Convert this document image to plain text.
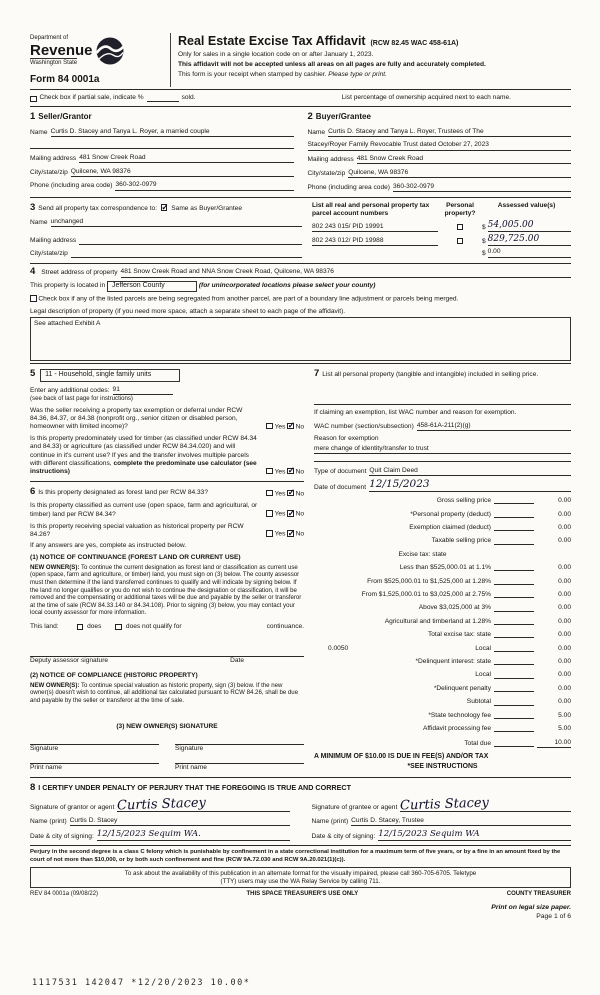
Department of
Revenue
Washington State
Form 84 0001a
Real Estate Excise Tax Affidavit (RCW 82.45 WAC 458-61A)
Only for sales in a single location code on or after January 1, 2023.
This affidavit will not be accepted unless all areas on all pages are fully and accurately completed.
This form is your receipt when stamped by cashier. Please type or print.
Check box if partial sale, indicate %	sold.	List percentage of ownership acquired next to each name.
1 Seller/Grantor
Name Curtis D. Stacey and Tanya L. Royer, a married couple
Mailing address 481 Snow Creek Road
City/state/zip Quilcene, WA 98376
Phone (including area code) 360-302-0979
2 Buyer/Grantee
Name Curtis D. Stacey and Tanya L. Royer, Trustees of The
Stacey/Royer Family Revocable Trust dated October 27, 2023
Mailing address 481 Snow Creek Road
City/state/zip Quilcene, WA 98376
Phone (including area code) 360-302-0979
3 Send all property tax correspondence to: ✓ Same as Buyer/Grantee
Name unchanged
Mailing address
City/state/zip
List all real and personal property tax parcel account numbers
Personal property?
Assessed value(s)
802 243 015/ PID 19991	$ 54,005.00
802 243 012/ PID 19988	$ 829,725.00
$ 0.00
4 Street address of property 481 Snow Creek Road and NNA Snow Creek Road, Quilcene, WA 98376
This property is located in Jefferson County	(for unincorporated locations please select your county)
Check box if any of the listed parcels are being segregated from another parcel, are part of a boundary line adjustment or parcels being merged.
Legal description of property (if you need more space, attach a separate sheet to each page of the affidavit).
See attached Exhibit A
5 11 - Household, single family units
Enter any additional codes: 91
(see back of last page for instructions)
Was the seller receiving a property tax exemption or deferral under RCW 84.36, 84.37, or 84.38 (nonprofit org., senior citizen or disabled person, homeowner with limited income)?	Yes ✓ No
Is this property predominately used for timber (as classified under RCW 84.34 and 84.33) or agriculture (as classified under RCW 84.34.020) and will continue in it's current use? If yes and the transfer involves multiple parcels with different classifications, complete the predominate use calculator (see instructions)	Yes ✓ No
6 Is this property designated as forest land per RCW 84.33?	Yes ✓ No
Is this property classified as current use (open space, farm and agricultural, or timber) land per RCW 84.34?	Yes ✓ No
Is this property receiving special valuation as historical property per RCW 84.26?	Yes ✓ No
If any answers are yes, complete as instructed below.
(1) NOTICE OF CONTINUANCE (FOREST LAND OR CURRENT USE)
NEW OWNER(S): To continue the current designation as forest land or classification as current use (open space, farm and agriculture, or timber) land, you must sign on (3) below. The county assessor must then determine if the land transferred continues to qualify and will indicate by signing below. If the land no longer qualifies or you do not wish to continue the designation or classification, it will be removed and the compensating or additional taxes will be due and payable by the seller or transferor at the time of sale (RCW 84.33.140 or 84.34.108). Prior to signing (3) below, you may contact your local county assessor for more information.
This land:	does	does not qualify for	continuance.
Deputy assessor signature	Date
(2) NOTICE OF COMPLIANCE (HISTORIC PROPERTY)
NEW OWNER(S): To continue special valuation as historic property, sign (3) below. If the new owner(s) doesn't wish to continue, all additional tax calculated pursuant to RCW 84.26, shall be due and payable by the seller or transferor at the time of sale.
(3) NEW OWNER(S) SIGNATURE
Signature	Signature
Print name	Print name
7 List all personal property (tangible and intangible) included in selling price.
If claiming an exemption, list WAC number and reason for exemption.
WAC number (section/subsection) 458-61A-211(2)(g)
Reason for exemption
mere change of identity/transfer to trust
Type of document Quit Claim Deed
Date of document 12/15/2023
Gross selling price	0.00
*Personal property (deduct)	0.00
Exemption claimed (deduct)	0.00
Taxable selling price	0.00
Excise tax: state
Less than $525,000.01 at 1.1%	0.00
From $525,000.01 to $1,525,000 at 1.28%	0.00
From $1,525,000.01 to $3,025,000 at 2.75%	0.00
Above $3,025,000 at 3%	0.00
Agricultural and timberland at 1.28%	0.00
Total excise tax: state	0.00
0.0050	Local	0.00
*Delinquent interest: state	0.00
Local	0.00
*Delinquent penalty	0.00
Subtotal	0.00
*State technology fee	5.00
Affidavit processing fee	5.00
Total due	10.00
A MINIMUM OF $10.00 IS DUE IN FEE(S) AND/OR TAX
*SEE INSTRUCTIONS
8 I CERTIFY UNDER PENALTY OF PERJURY THAT THE FOREGOING IS TRUE AND CORRECT
Signature of grantor or agent Curtis Stacey
Name (print) Curtis D. Stacey
Date & city of signing: 12/15/2023 Sequim WA.
Signature of grantee or agent Curtis Stacey
Name (print) Curtis D. Stacey, Trustee
Date & city of signing: 12/15/2023 Sequim WA
Perjury in the second degree is a class C felony which is punishable by confinement in a state correctional institution for a maximum term of five years, or by a fine in an amount fixed by the court of not more than $10,000, or by both such confinement and fine (RCW 9A.72.030 and RCW 9A.20.021(1)(c)).
To ask about the availability of this publication in an alternate format for the visually impaired, please call 360-705-6705. Teletype
(TTY) users may use the WA Relay Service by calling 711.
REV 84 0001a (09/08/22)	THIS SPACE TREASURER'S USE ONLY	COUNTY TREASURER
Print on legal size paper.
Page 1 of 6
1117531 142047 *12/20/2023 10.00*
